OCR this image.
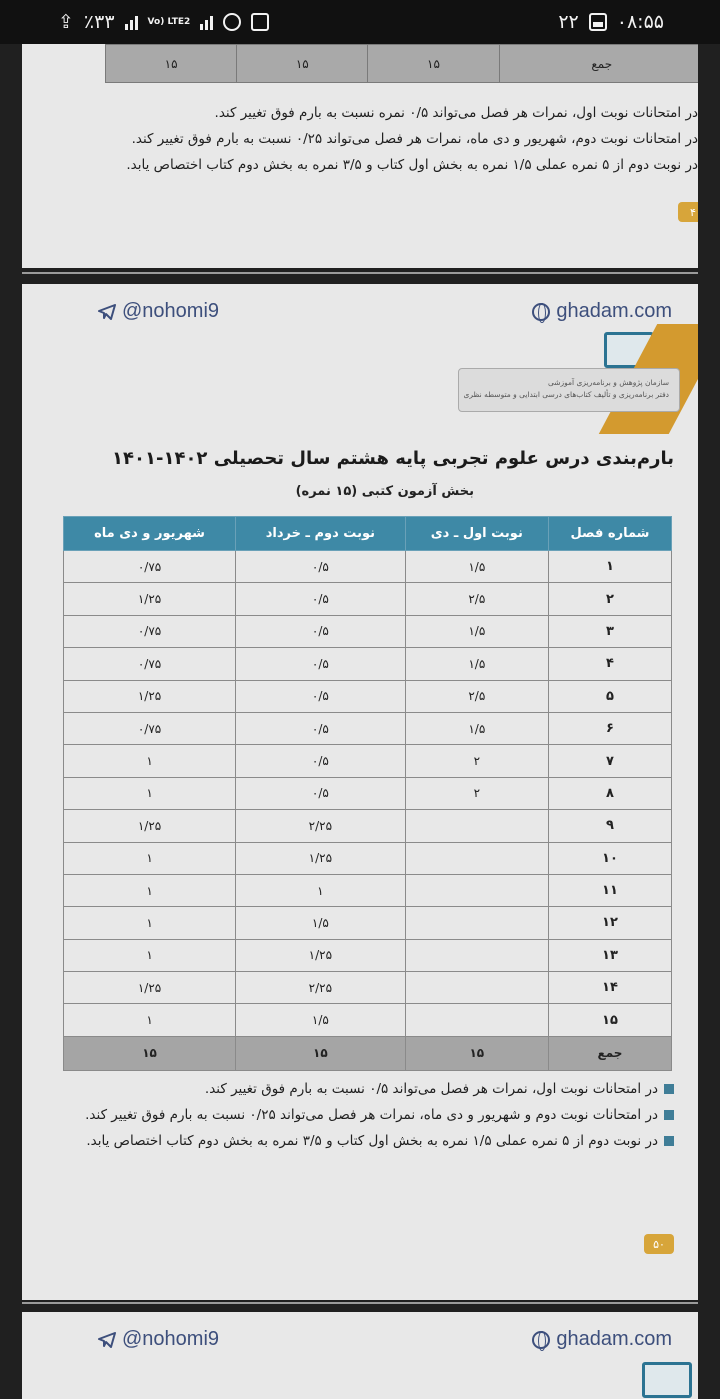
⇪ ٪۳۳	Vo) LTE2	۲۲ ۰۸:۵۵

۱۵	۱۵	۱۵	جمع
در امتحانات نوبت اول، نمرات هر فصل می‌تواند ۰/۵ نمره نسبت به بارم فوق تغییر کند.
در امتحانات نوبت دوم، شهریور و دی ماه، نمرات هر فصل می‌تواند ۰/۲۵ نسبت به بارم فوق تغییر کند.
در نوبت دوم از ۵ نمره عملی ۱/۵ نمره به بخش اول کتاب و ۳/۵ نمره به بخش دوم کتاب اختصاص یابد.
۴
@nohomi9	ghadam.com
سازمان پژوهش و برنامه‌ریزی آموزشی
دفتر برنامه‌ریزی و تألیف کتاب‌های درسی ابتدایی و متوسطه نظری
بارم‌بندی درس علوم تجربی پایه هشتم سال تحصیلی ۱۴۰۲-۱۴۰۱
بخش آزمون کتبی (۱۵ نمره)
شماره فصل	نوبت اول ـ دی	نوبت دوم ـ خرداد	شهریور و دی ماه
۱	۱/۵	۰/۵	۰/۷۵
۲	۲/۵	۰/۵	۱/۲۵
۳	۱/۵	۰/۵	۰/۷۵
۴	۱/۵	۰/۵	۰/۷۵
۵	۲/۵	۰/۵	۱/۲۵
۶	۱/۵	۰/۵	۰/۷۵
۷	۲	۰/۵	۱
۸	۲	۰/۵	۱
۹		۲/۲۵	۱/۲۵
۱۰		۱/۲۵	۱
۱۱		۱	۱
۱۲		۱/۵	۱
۱۳		۱/۲۵	۱
۱۴		۲/۲۵	۱/۲۵
۱۵		۱/۵	۱
جمع	۱۵	۱۵	۱۵
در امتحانات نوبت اول، نمرات هر فصل می‌تواند ۰/۵ نسبت به بارم فوق تغییر کند.
در امتحانات نوبت دوم و شهریور و دی ماه، نمرات هر فصل می‌تواند ۰/۲۵ نسبت به بارم فوق تغییر کند.
در نوبت دوم از ۵ نمره عملی ۱/۵ نمره به بخش اول کتاب و ۳/۵ نمره به بخش دوم کتاب اختصاص یابد.
۵۰
@nohomi9	ghadam.com
